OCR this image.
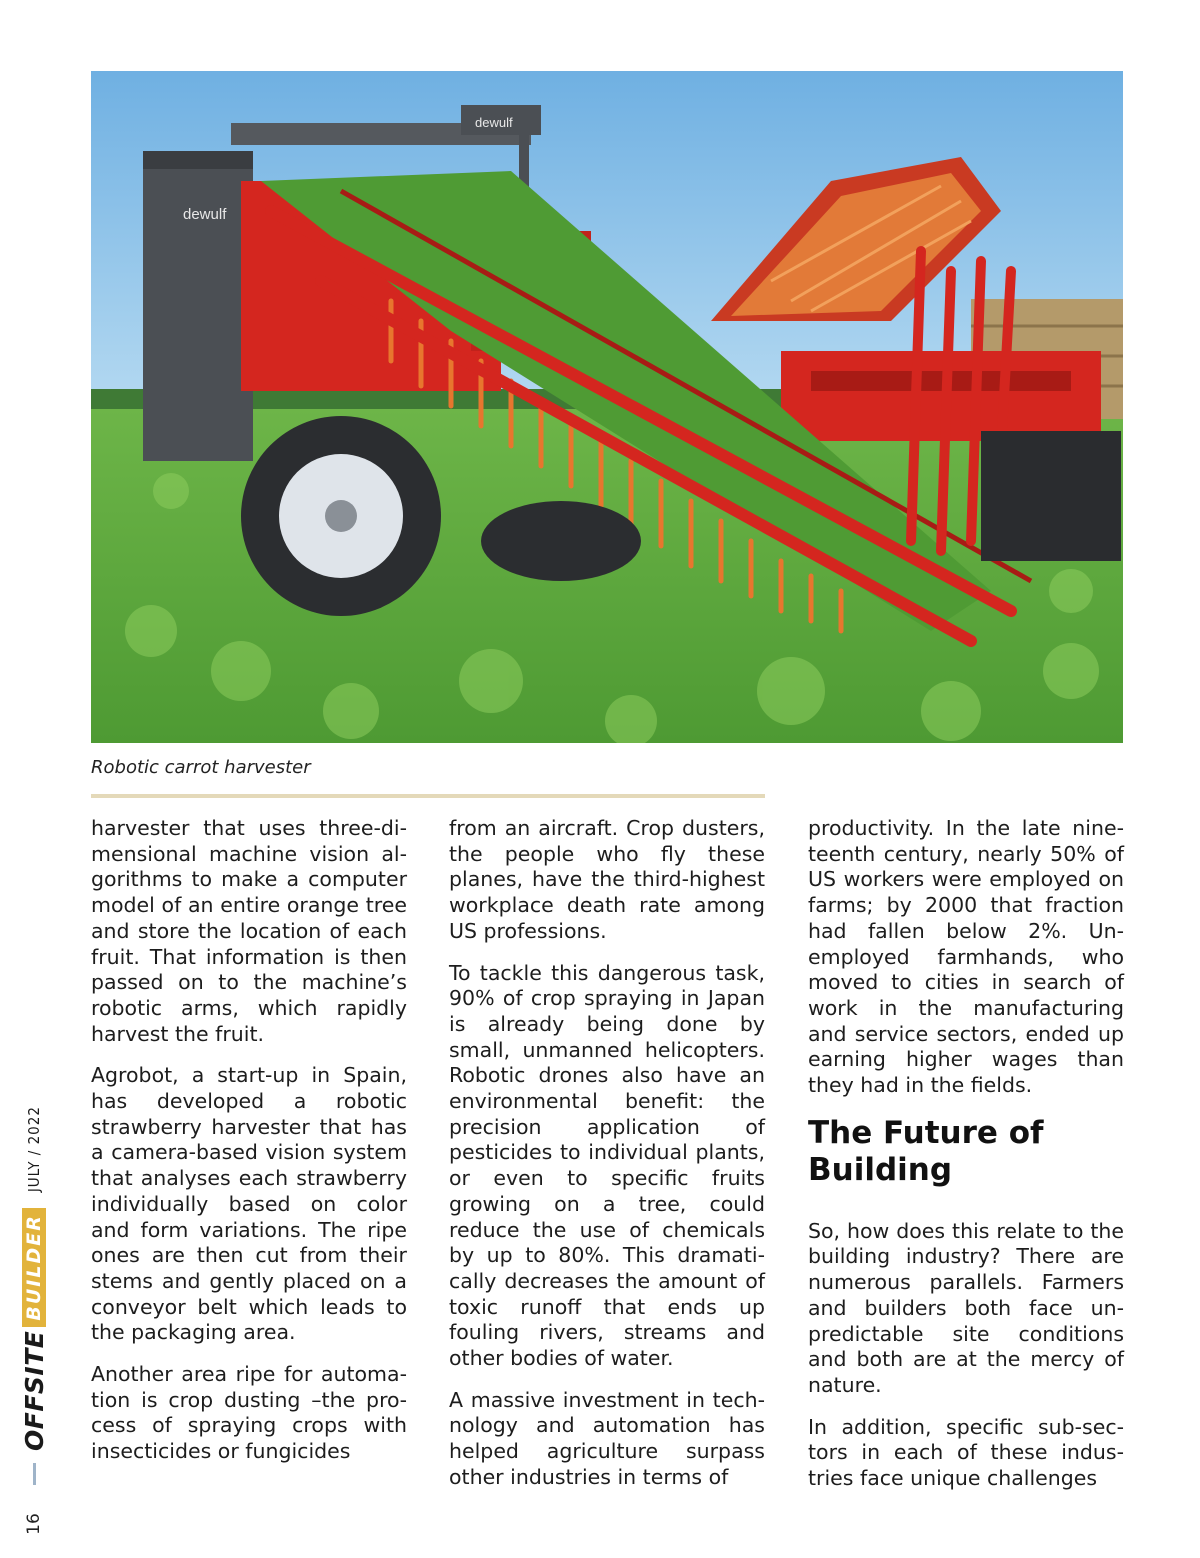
dewulf
dewulf
Robotic carrot harvester

harvester that uses three-dimensional machine vision algorithms to make a computer model of an entire orange tree and store the location of each fruit. That information is then passed on to the machine’s robotic arms, which rapidly harvest the fruit.

Agrobot, a start-up in Spain, has developed a robotic strawberry harvester that has a camera-based vision system that analyses each strawberry individually based on color and form variations. The ripe ones are then cut from their stems and gently placed on a conveyor belt which leads to the packaging area.

Another area ripe for automation is crop dusting –the process of spraying crops with insecticides or fungicides

from an aircraft. Crop dusters, the people who fly these planes, have the third-highest workplace death rate among US professions.

To tackle this dangerous task, 90% of crop spraying in Japan is already being done by small, unmanned helicopters. Robotic drones also have an environmental benefit: the precision application of pesticides to individual plants, or even to specific fruits growing on a tree, could reduce the use of chemicals by up to 80%. This dramatically decreases the amount of toxic runoff that ends up fouling rivers, streams and other bodies of water.

A massive investment in technology and automation has helped agriculture surpass other industries in terms of

productivity. In the late nineteenth century, nearly 50% of US workers were employed on farms; by 2000 that fraction had fallen below 2%. Unemployed farmhands, who moved to cities in search of work in the manufacturing and service sectors, ended up earning higher wages than they had in the fields.

The Future of Building

So, how does this relate to the building industry? There are numerous parallels. Farmers and builders both face unpredictable site conditions and both are at the mercy of nature.

In addition, specific sub-sectors in each of these industries face unique challenges

OFFSITE
BUILDER
JULY / 2022
16
